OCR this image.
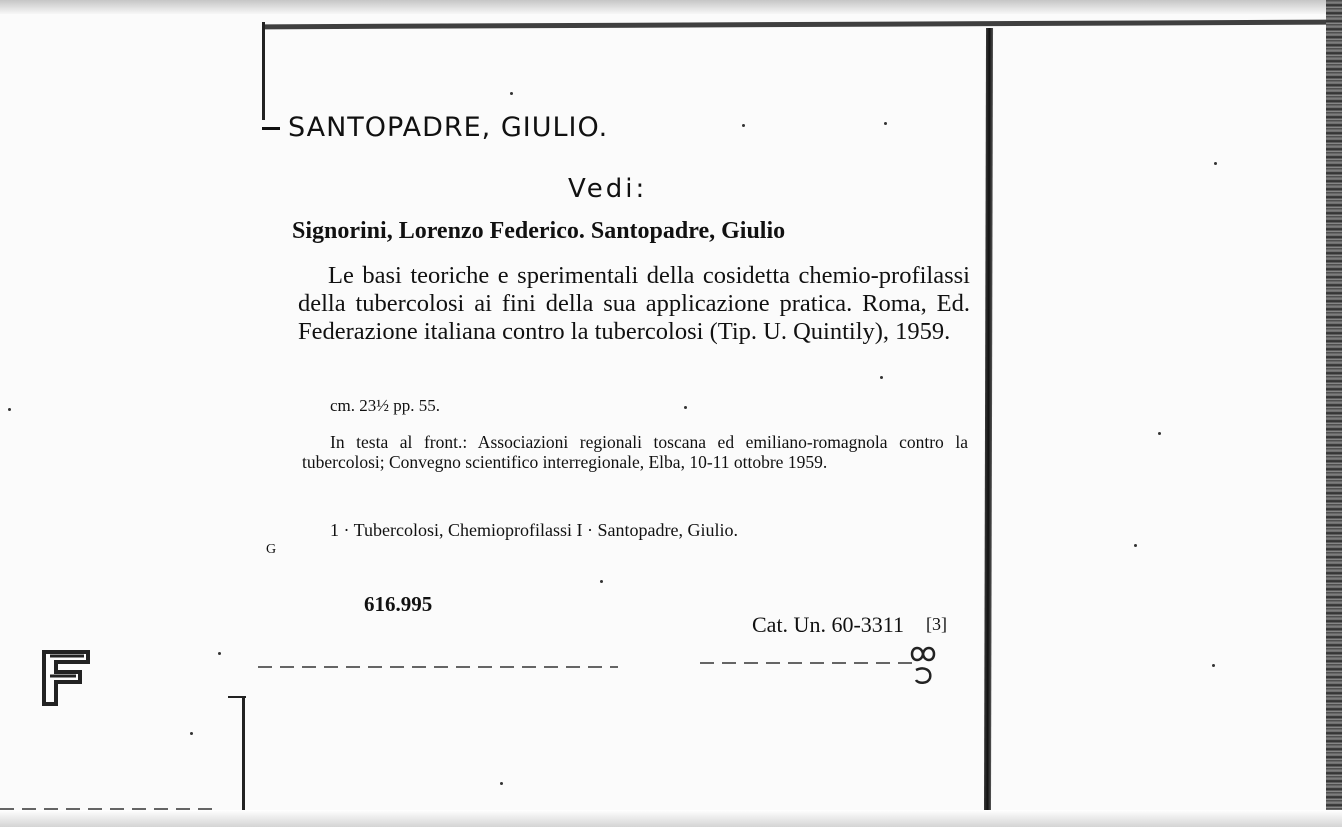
SANTOPADRE, GIULIO.
Vedi:
Signorini, Lorenzo Federico. Santopadre, Giulio

Le basi teoriche e sperimentali della cosidetta chemio-profilassi della tubercolosi ai fini della sua applicazione pratica. Roma, Ed. Federazione italiana contro la tubercolosi (Tip. U. Quintily), 1959.

cm. 23½ pp. 55.

In testa al front.: Associazioni regionali toscana ed emiliano-romagnola contro la tubercolosi; Convegno scientifico interregionale, Elba, 10-11 ottobre 1959.

1 · Tubercolosi, Chemioprofilassi I · Santopadre, Giulio.
G
616.995
Cat. Un. 60-3311 [3]
